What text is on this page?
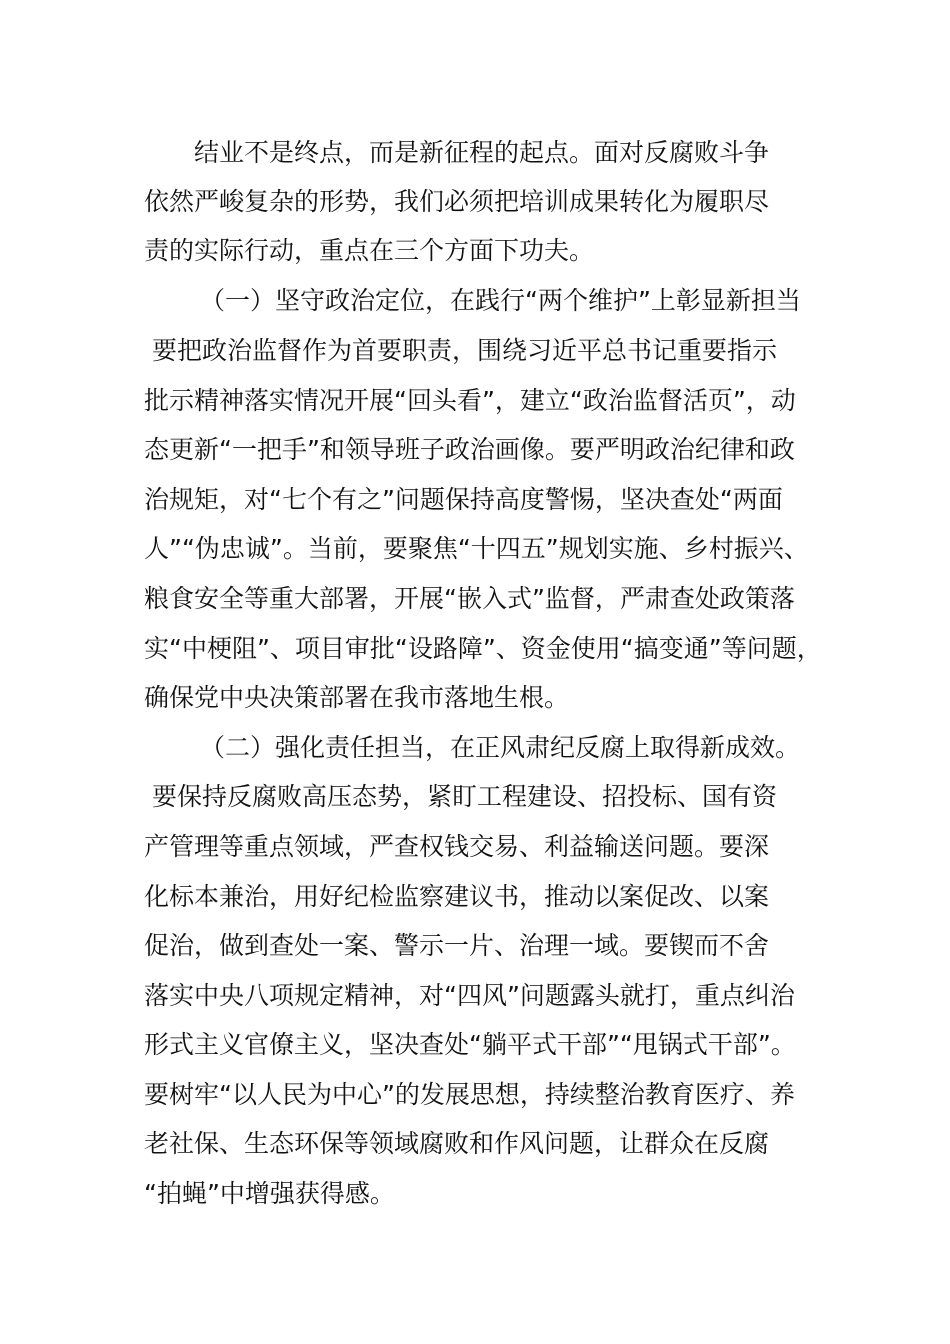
结业不是终点，而是新征程的起点。面对反腐败斗争
依然严峻复杂的形势，我们必须把培训成果转化为履职尽
责的实际行动，重点在三个方面下功夫。
（一）坚守政治定位，在践行“两个维护”上彰显新担当
要把政治监督作为首要职责，围绕习近平总书记重要指示
批示精神落实情况开展“回头看”，建立“政治监督活页”，动
态更新“一把手”和领导班子政治画像。要严明政治纪律和政
治规矩，对“七个有之”问题保持高度警惕，坚决查处“两面
人”“伪忠诚”。当前，要聚焦“十四五”规划实施、乡村振兴、
粮食安全等重大部署，开展“嵌入式”监督，严肃查处政策落
实“中梗阻”、项目审批“设路障”、资金使用“搞变通”等问题，
确保党中央决策部署在我市落地生根。
（二）强化责任担当，在正风肃纪反腐上取得新成效。
要保持反腐败高压态势，紧盯工程建设、招投标、国有资
产管理等重点领域，严查权钱交易、利益输送问题。要深
化标本兼治，用好纪检监察建议书，推动以案促改、以案
促治，做到查处一案、警示一片、治理一域。要锲而不舍
落实中央八项规定精神，对“四风”问题露头就打，重点纠治
形式主义官僚主义，坚决查处“躺平式干部”“甩锅式干部”。
要树牢“以人民为中心”的发展思想，持续整治教育医疗、养
老社保、生态环保等领域腐败和作风问题，让群众在反腐
“拍蝇”中增强获得感。
